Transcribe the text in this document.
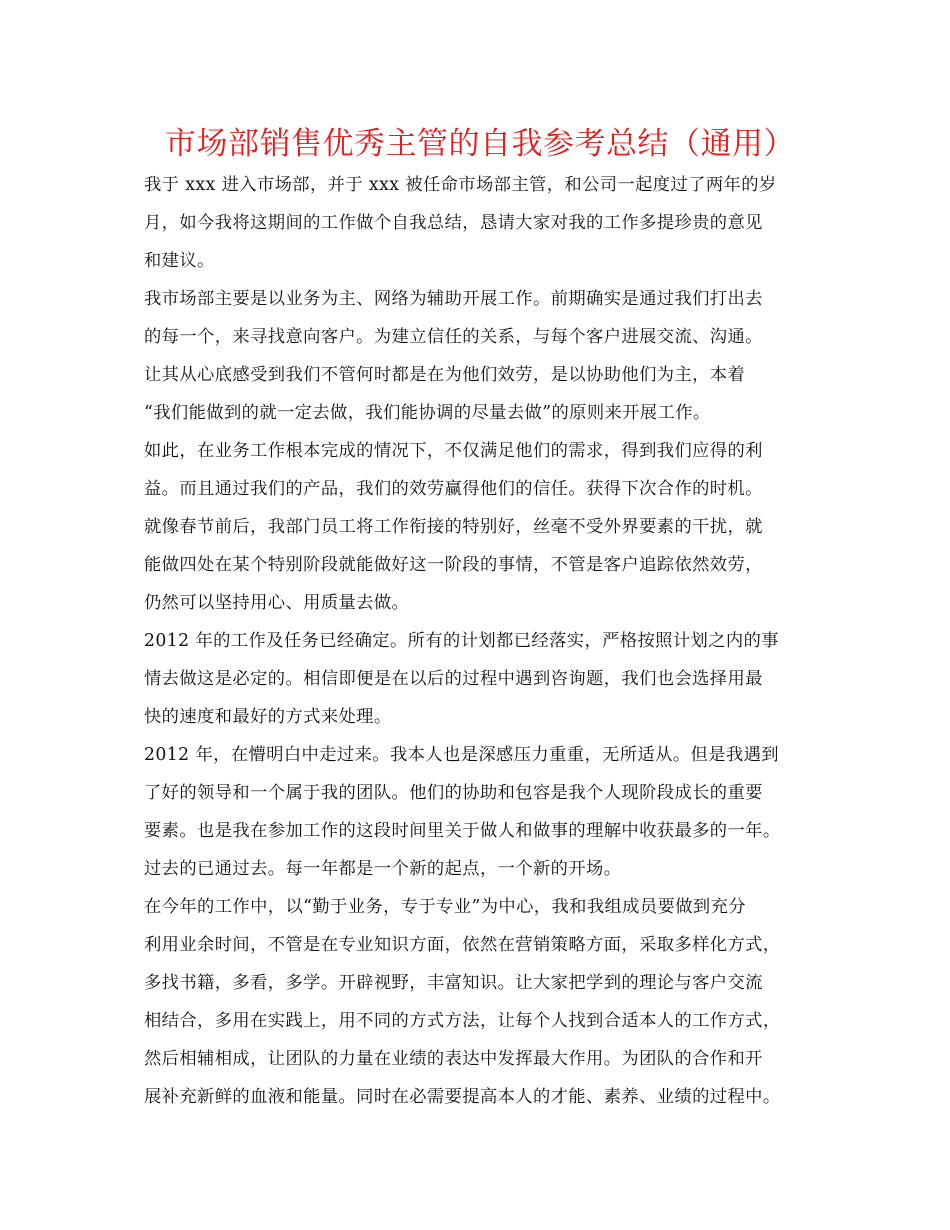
市场部销售优秀主管的自我参考总结（通用）
我于 xxx 进入市场部，并于 xxx 被任命市场部主管，和公司一起度过了两年的岁
月，如今我将这期间的工作做个自我总结，恳请大家对我的工作多提珍贵的意见
和建议。
我市场部主要是以业务为主、网络为辅助开展工作。前期确实是通过我们打出去
的每一个，来寻找意向客户。为建立信任的关系，与每个客户进展交流、沟通。
让其从心底感受到我们不管何时都是在为他们效劳，是以协助他们为主，本着
“我们能做到的就一定去做，我们能协调的尽量去做”的原则来开展工作。
如此，在业务工作根本完成的情况下，不仅满足他们的需求，得到我们应得的利
益。而且通过我们的产品，我们的效劳赢得他们的信任。获得下次合作的时机。
就像春节前后，我部门员工将工作衔接的特别好，丝毫不受外界要素的干扰，就
能做四处在某个特别阶段就能做好这一阶段的事情，不管是客户追踪依然效劳，
仍然可以坚持用心、用质量去做。
2012 年的工作及任务已经确定。所有的计划都已经落实，严格按照计划之内的事
情去做这是必定的。相信即便是在以后的过程中遇到咨询题，我们也会选择用最
快的速度和最好的方式来处理。
2012 年，在懵明白中走过来。我本人也是深感压力重重，无所适从。但是我遇到
了好的领导和一个属于我的团队。他们的协助和包容是我个人现阶段成长的重要
要素。也是我在参加工作的这段时间里关于做人和做事的理解中收获最多的一年。
过去的已通过去。每一年都是一个新的起点，一个新的开场。
在今年的工作中，以“勤于业务，专于专业”为中心，我和我组成员要做到充分
利用业余时间，不管是在专业知识方面，依然在营销策略方面，采取多样化方式，
多找书籍，多看，多学。开辟视野，丰富知识。让大家把学到的理论与客户交流
相结合，多用在实践上，用不同的方式方法，让每个人找到合适本人的工作方式，
然后相辅相成，让团队的力量在业绩的表达中发挥最大作用。为团队的合作和开
展补充新鲜的血液和能量。同时在必需要提高本人的才能、素养、业绩的过程中。
